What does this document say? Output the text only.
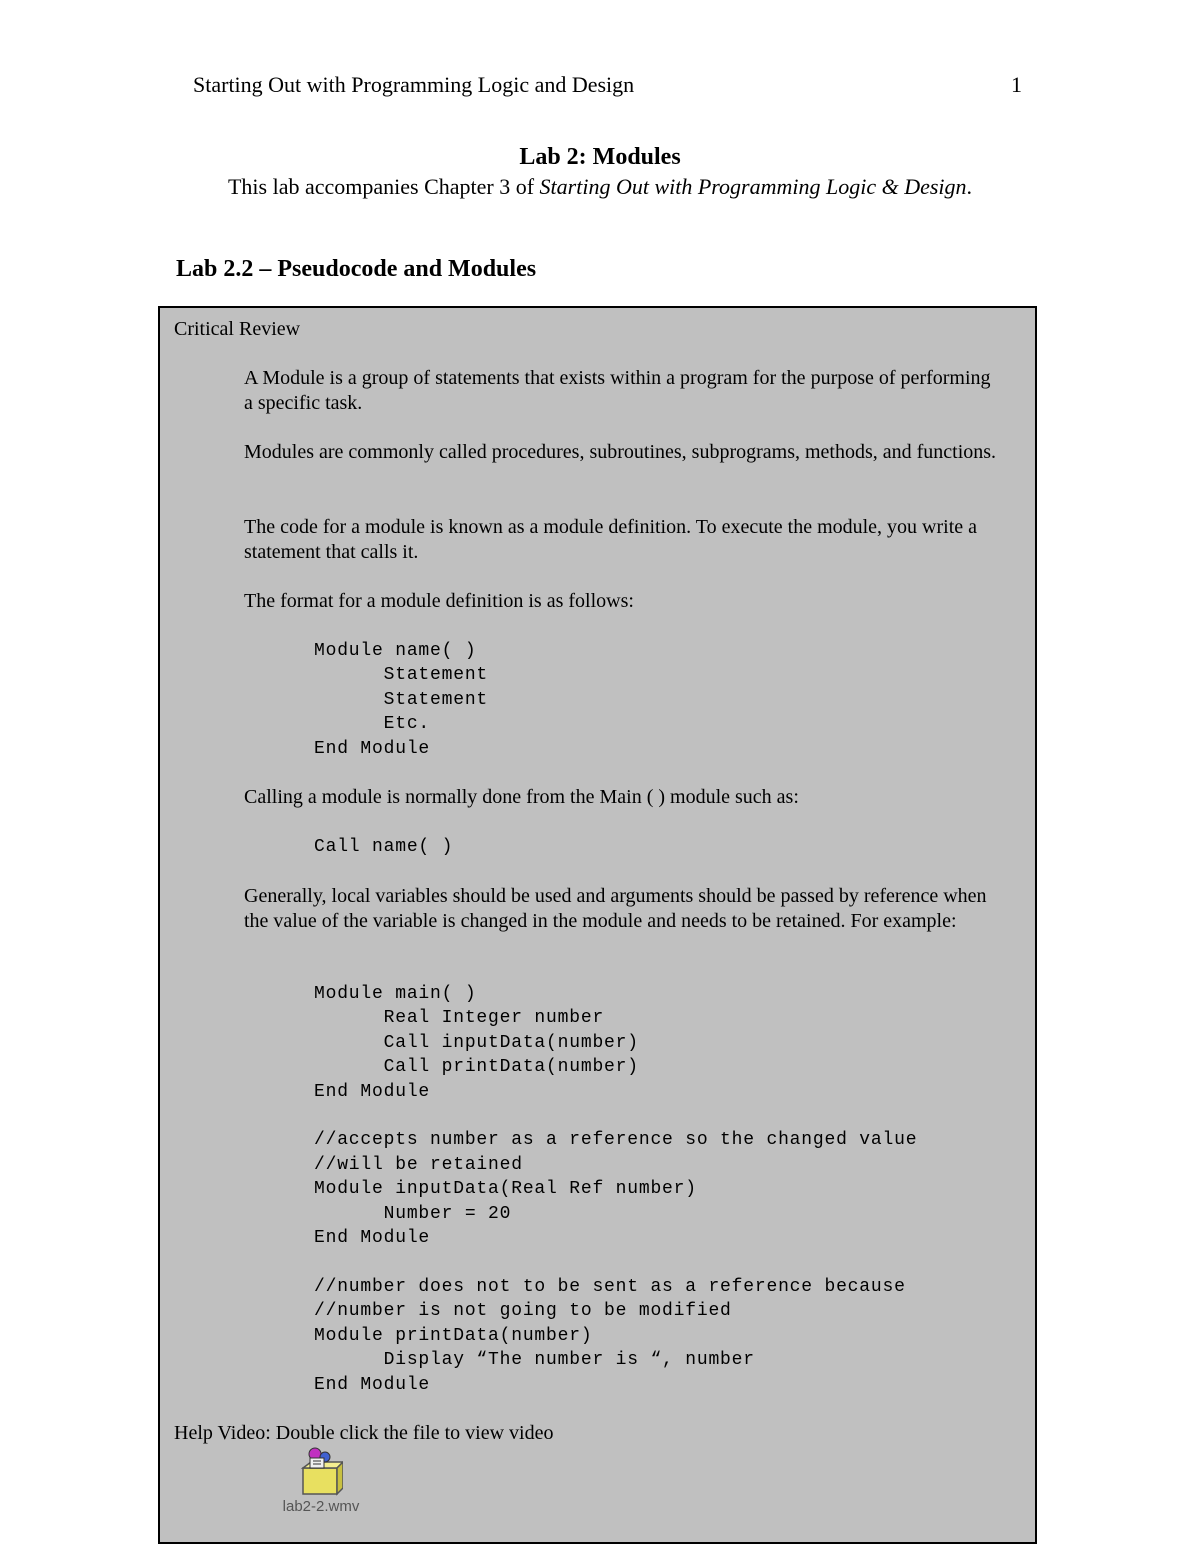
Starting Out with Programming Logic and Design	1
Lab 2: Modules
This lab accompanies Chapter 3 of Starting Out with Programming Logic & Design.
Lab 2.2 – Pseudocode and Modules
Critical Review
A Module is a group of statements that exists within a program for the purpose of performing a specific task.
Modules are commonly called procedures, subroutines, subprograms, methods, and functions.
The code for a module is known as a module definition. To execute the module, you write a statement that calls it.
The format for a module definition is as follows:
Module name( )
Statement
Statement
Etc.
End Module
Calling a module is normally done from the Main ( ) module such as:
Call name( )
Generally, local variables should be used and arguments should be passed by reference when the value of the variable is changed in the module and needs to be retained. For example:
Module main( )
Real Integer number
Call inputData(number)
Call printData(number)
End Module

//accepts number as a reference so the changed value
//will be retained
Module inputData(Real Ref number)
Number = 20
End Module

//number does not to be sent as a reference because
//number is not going to be modified
Module printData(number)
Display “The number is “, number
End Module
Help Video: Double click the file to view video
lab2-2.wmv
